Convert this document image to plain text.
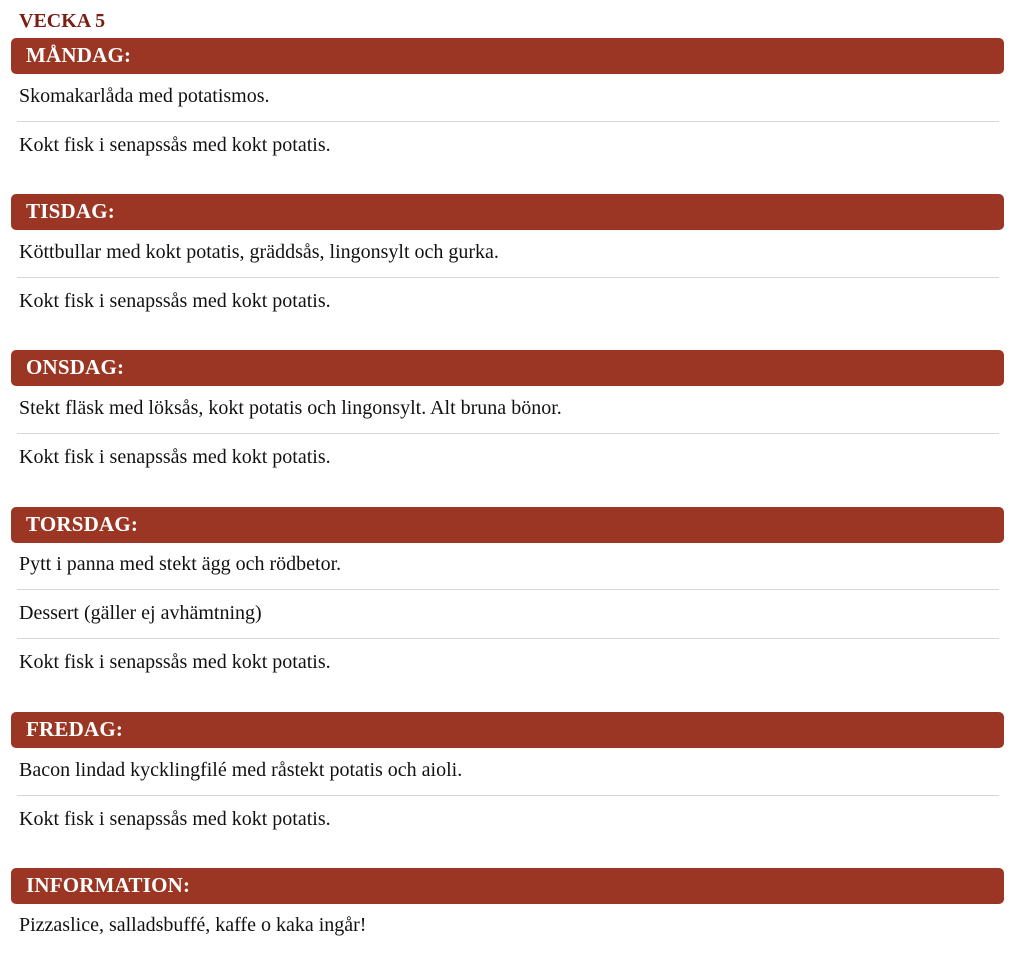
VECKA 5
MÅNDAG:
Skomakarlåda med potatismos.
Kokt fisk i senapssås med kokt potatis.
TISDAG:
Köttbullar med kokt potatis, gräddsås, lingonsylt och gurka.
Kokt fisk i senapssås med kokt potatis.
ONSDAG:
Stekt fläsk med löksås, kokt potatis och lingonsylt. Alt bruna bönor.
Kokt fisk i senapssås med kokt potatis.
TORSDAG:
Pytt i panna med stekt ägg och rödbetor.
Dessert (gäller ej avhämtning)
Kokt fisk i senapssås med kokt potatis.
FREDAG:
Bacon lindad kycklingfilé med råstekt potatis och aioli.
Kokt fisk i senapssås med kokt potatis.
INFORMATION:
Pizzaslice, salladsbuffé, kaffe o kaka ingår!
